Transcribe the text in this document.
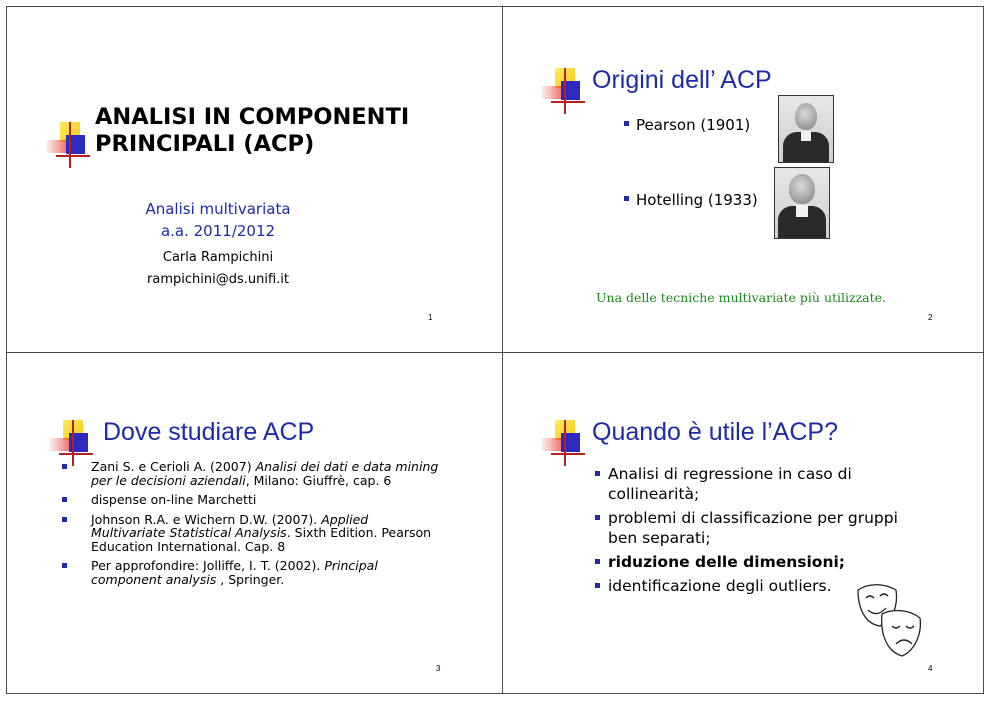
ANALISI IN COMPONENTI
PRINCIPALI (ACP)
Analisi multivariata
a.a. 2011/2012
Carla Rampichini
rampichini@ds.unifi.it
1
Origini dell’ ACP
Pearson (1901)
Hotelling (1933)
Una delle tecniche multivariate più utilizzate.
2
Dove studiare ACP
Zani S. e Cerioli A. (2007) Analisi dei dati e data mining per le decisioni aziendali, Milano: Giuffrè, cap. 6
dispense on-line Marchetti
Johnson R.A. e Wichern D.W. (2007). Applied Multivariate Statistical Analysis. Sixth Edition. Pearson Education International. Cap. 8
Per approfondire: Jolliffe, I. T. (2002). Principal component analysis , Springer.
3
Quando è utile l’ACP?
Analisi di regressione in caso di collinearità;
problemi di classificazione per gruppi ben separati;
riduzione delle dimensioni;
identificazione degli outliers.
4
